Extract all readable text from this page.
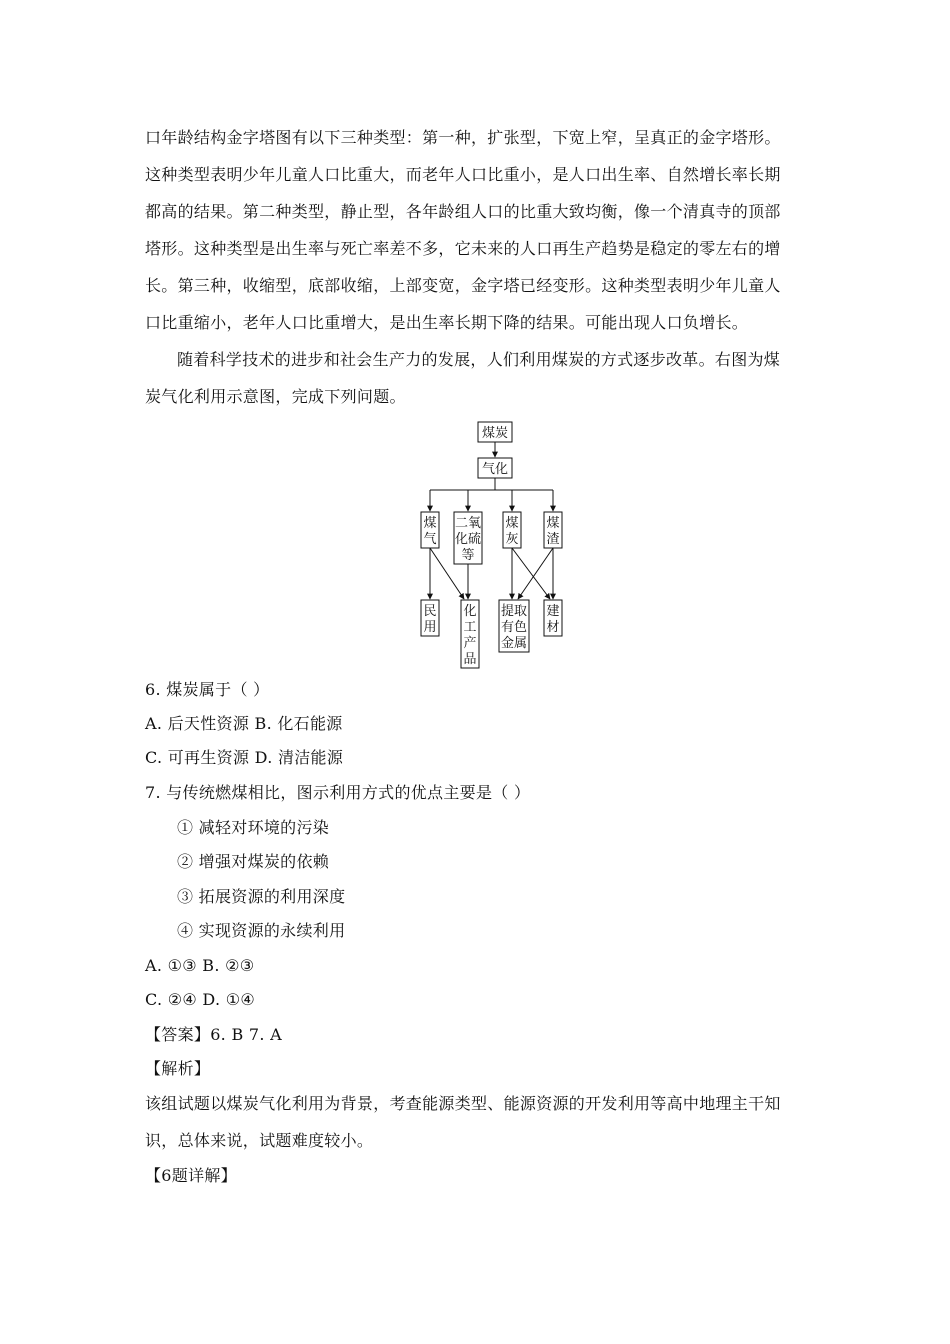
口年龄结构金字塔图有以下三种类型：第一种，扩张型，下宽上窄，呈真正的金字塔形。
这种类型表明少年儿童人口比重大，而老年人口比重小，是人口出生率、自然增长率长期
都高的结果。第二种类型，静止型，各年龄组人口的比重大致均衡，像一个清真寺的顶部
塔形。这种类型是出生率与死亡率差不多，它未来的人口再生产趋势是稳定的零左右的增
长。第三种，收缩型，底部收缩，上部变宽，金字塔已经变形。这种类型表明少年儿童人
口比重缩小，老年人口比重增大，是出生率长期下降的结果。可能出现人口负增长。
随着科学技术的进步和社会生产力的发展，人们利用煤炭的方式逐步改革。右图为煤
炭气化利用示意图，完成下列问题。
煤炭
气化
煤
气
二氧
化硫
等
煤
灰
煤
渣
民
用
化
工
产
品
提取
有色
金属
建
材
6. 煤炭属于（ ）
A. 后天性资源 B. 化石能源
C. 可再生资源 D. 清洁能源
7. 与传统燃煤相比，图示利用方式的优点主要是（ ）
① 减轻对环境的污染
② 增强对煤炭的依赖
③ 拓展资源的利用深度
④ 实现资源的永续利用
A. ①③ B. ②③
C. ②④ D. ①④
【答案】6. B 7. A
【解析】
该组试题以煤炭气化利用为背景，考查能源类型、能源资源的开发利用等高中地理主干知
识，总体来说，试题难度较小。
【6题详解】
